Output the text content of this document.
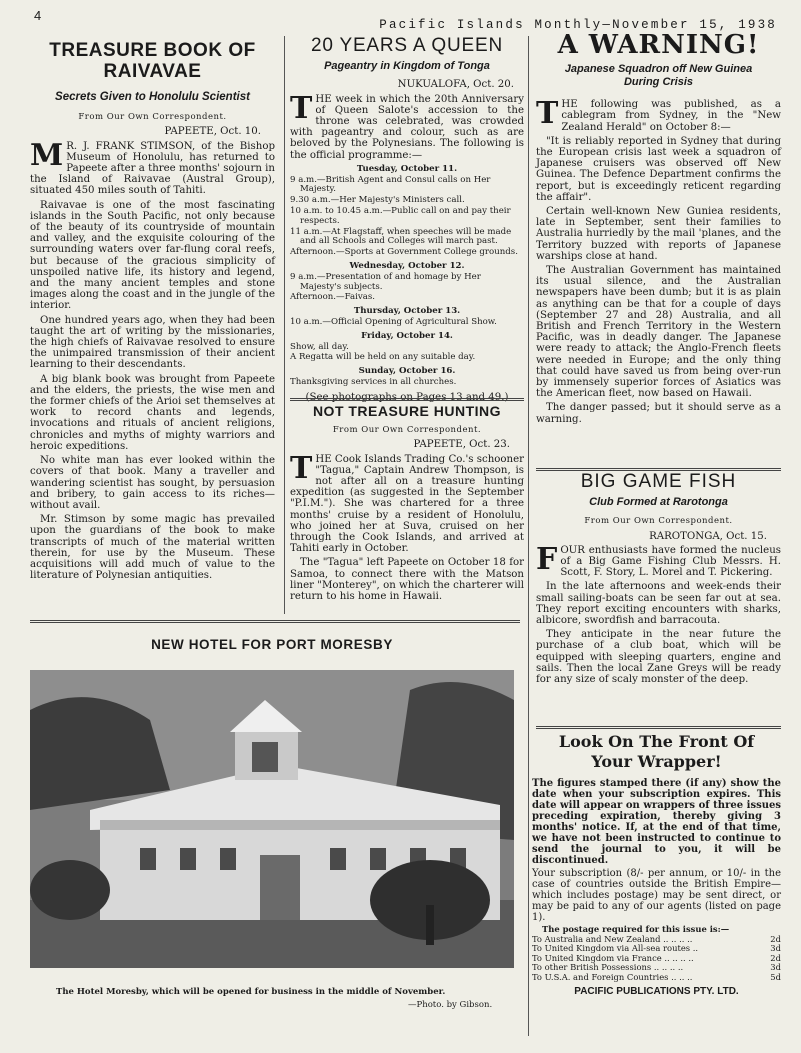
4
Pacific Islands Monthly—November 15, 1938
TREASURE BOOK OF
RAIVAVAE

Secrets Given to Honolulu Scientist

From Our Own Correspondent.

PAPEETE, Oct. 10.

M R. J. FRANK STIMSON, of the Bishop Museum of Honolulu, has returned to Papeete after a three months' sojourn in the Island of Raivavae (Austral Group), situated 450 miles south of Tahiti.

Raivavae is one of the most fascinating islands in the South Pacific, not only because of the beauty of its countryside of mountain and valley, and the exquisite colouring of the surrounding waters over far-flung coral reefs, but because of the gracious simplicity of unspoiled native life, its history and legend, and the many ancient temples and stone images along the coast and in the jungle of the interior.

One hundred years ago, when they had been taught the art of writing by the missionaries, the high chiefs of Raivavae resolved to ensure the unimpaired transmission of their ancient learning to their descendants.

A big blank book was brought from Papeete and the elders, the priests, the wise men and the former chiefs of the Arioi set themselves at work to record chants and legends, invocations and rituals of ancient religions, chronicles and myths of mighty warriors and heroic expeditions.

No white man has ever looked within the covers of that book. Many a traveller and wandering scientist has sought, by persuasion and bribery, to gain access to its riches—without avail.

Mr. Stimson by some magic has prevailed upon the guardians of the book to make transcripts of much of the material written therein, for use by the Museum. These acquisitions will add much of value to the literature of Polynesian antiquities.

20 YEARS A QUEEN

Pageantry in Kingdom of Tonga

NUKUALOFA, Oct. 20.

THE week in which the 20th Anniversary of Queen Salote's accession to the throne was celebrated, was crowded with pageantry and colour, such as are beloved by the Polynesians. The following is the official programme:—

Tuesday, October 11.
9 a.m.—British Agent and Consul calls on Her Majesty.
9.30 a.m.—Her Majesty's Ministers call.
10 a.m. to 10.45 a.m.—Public call on and pay their respects.
11 a.m.—At Flagstaff, when speeches will be made and all Schools and Colleges will march past.
Afternoon.—Sports at Government College grounds.
Wednesday, October 12.
9 a.m.—Presentation of and homage by Her Majesty's subjects.
Afternoon.—Faivas.
Thursday, October 13.
10 a.m.—Official Opening of Agricultural Show.
Friday, October 14.
Show, all day.
A Regatta will be held on any suitable day.
Sunday, October 16.
Thanksgiving services in all churches.

(See photographs on Pages 13 and 49.)

NOT TREASURE HUNTING

From Our Own Correspondent.

PAPEETE, Oct. 23.

THE Cook Islands Trading Co.'s schooner "Tagua," Captain Andrew Thompson, is not after all on a treasure hunting expedition (as suggested in the September "P.I.M."). She was chartered for a three months' cruise by a resident of Honolulu, who joined her at Suva, cruised on her through the Cook Islands, and arrived at Tahiti early in October.

The "Tagua" left Papeete on October 18 for Samoa, to connect there with the Matson liner "Monterey", on which the charterer will return to his home in Hawaii.

A WARNING!

Japanese Squadron off New Guinea During Crisis

THE following was published, as a cablegram from Sydney, in the "New Zealand Herald" on October 8:—

"It is reliably reported in Sydney that during the European crisis last week a squadron of Japanese cruisers was observed off New Guinea. The Defence Department confirms the report, but is exceedingly reticent regarding the affair".

Certain well-known New Guniea residents, late in September, sent their families to Australia hurriedly by the mail 'planes, and the Territory buzzed with reports of Japanese warships close at hand.

The Australian Government has maintained its usual silence, and the Australian newspapers have been dumb; but it is as plain as anything can be that for a couple of days (September 27 and 28) Australia, and all British and French Territory in the Western Pacific, was in deadly danger. The Japanese were ready to attack; the Anglo-French fleets were needed in Europe; and the only thing that could have saved us from being over-run by immensely superior forces of Asiatics was the American fleet, now based on Hawaii.

The danger passed; but it should serve as a warning.

BIG GAME FISH

Club Formed at Rarotonga

From Our Own Correspondent.

RAROTONGA, Oct. 15.

FOUR enthusiasts have formed the nucleus of a Big Game Fishing Club Messrs. H. Scott, F. Story, L. Morel and T. Pickering.

In the late afternoons and week-ends their small sailing-boats can be seen far out at sea. They report exciting encounters with sharks, albicore, swordfish and barracouta.

They anticipate in the near future the purchase of a club boat, which will be equipped with sleeping quarters, engine and sails. Then the local Zane Greys will be ready for any size of scaly monster of the deep.

Look On The Front Of
Your Wrapper!

The figures stamped there (if any) show the date when your subscription expires. This date will appear on wrappers of three issues preceding expiration, thereby giving 3 months' notice. If, at the end of that time, we have not been instructed to continue to send the journal to you, it will be discontinued.

Your subscription (8/- per annum, or 10/- in the case of countries outside the British Empire—which includes postage) may be sent direct, or may be paid to any of our agents (listed on page 1).

The postage required for this issue is:—
To Australia and New Zealand .. .. .. ..	2d
To United Kingdom via All-sea routes ..	3d
To United Kingdom via France .. .. .. ..	2d
To other British Possessions .. .. .. ..	3d
To U.S.A. and Foreign Countries .. .. ..	5d
PACIFIC PUBLICATIONS PTY. LTD.
NEW HOTEL FOR PORT MORESBY
The Hotel Moresby, which will be opened for business in the middle of November.
—Photo. by Gibson.
